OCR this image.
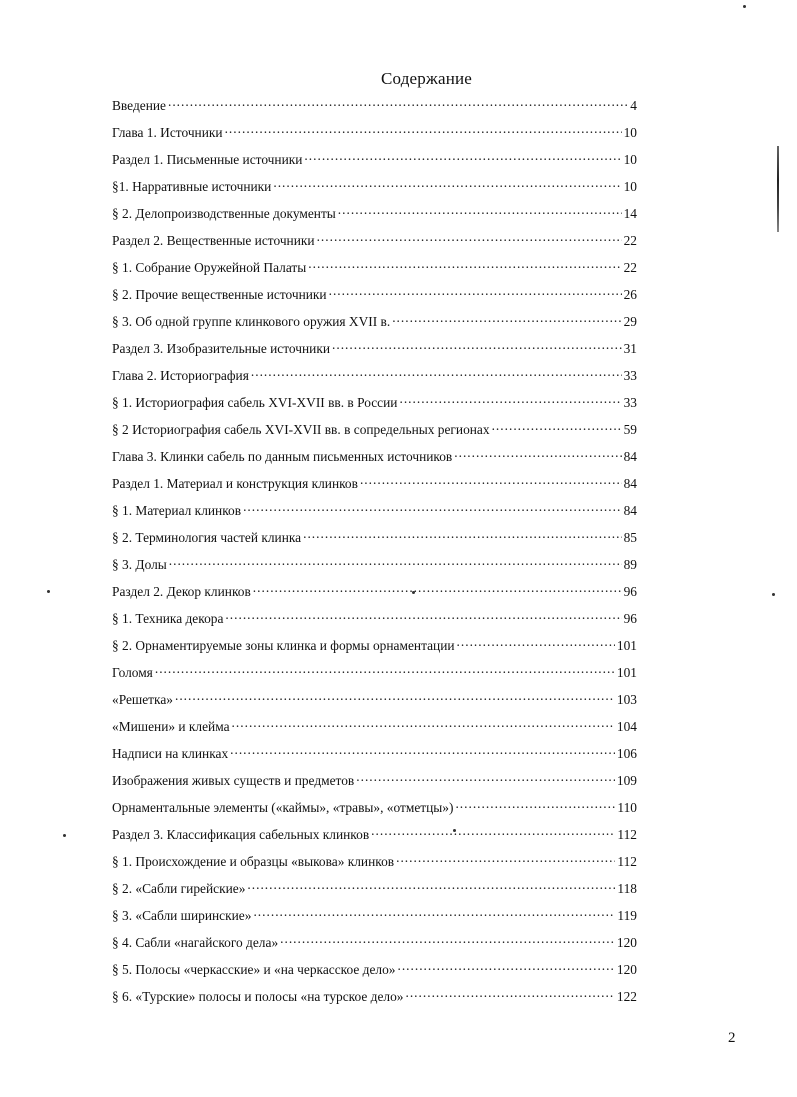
Содержание
Введение .....	4
Глава 1. Источники .....	10
Раздел 1. Письменные источники .....	10
§1. Нарративные источники .....	10
§ 2. Делопроизводственные документы .....	14
Раздел 2. Вещественные источники .....	22
§ 1. Собрание Оружейной Палаты .....	22
§ 2. Прочие вещественные источники .....	26
§ 3. Об одной группе клинкового оружия XVII в. .....	29
Раздел 3. Изобразительные источники .....	31
Глава 2. Историография .....	33
§ 1. Историография сабель XVI-XVII вв. в России .....	33
§ 2 Историография сабель XVI-XVII вв. в сопредельных регионах .....	59
Глава 3. Клинки сабель по данным письменных источников .....	84
Раздел 1. Материал и конструкция клинков .....	84
§ 1. Материал клинков .....	84
§ 2. Терминология частей клинка .....	85
§ 3. Долы .....	89
Раздел 2. Декор клинков .....	96
§ 1. Техника декора .....	96
§ 2. Орнаментируемые зоны клинка и формы орнаментации .....	101
Голомя .....	101
«Решетка» .....	103
«Мишени» и клейма .....	104
Надписи на клинках .....	106
Изображения живых существ и предметов .....	109
Орнаментальные элементы («каймы», «травы», «отметцы») .....	110
Раздел 3. Классификация сабельных клинков .....	112
§ 1. Происхождение и образцы «выкова» клинков .....	112
§ 2. «Сабли гирейские» .....	118
§ 3. «Сабли ширинские» .....	119
§ 4. Сабли «нагайского дела» .....	120
§ 5. Полосы «черкасские» и «на черкасское дело» .....	120
§ 6. «Турские» полосы и полосы «на турское дело» .....	122
2
